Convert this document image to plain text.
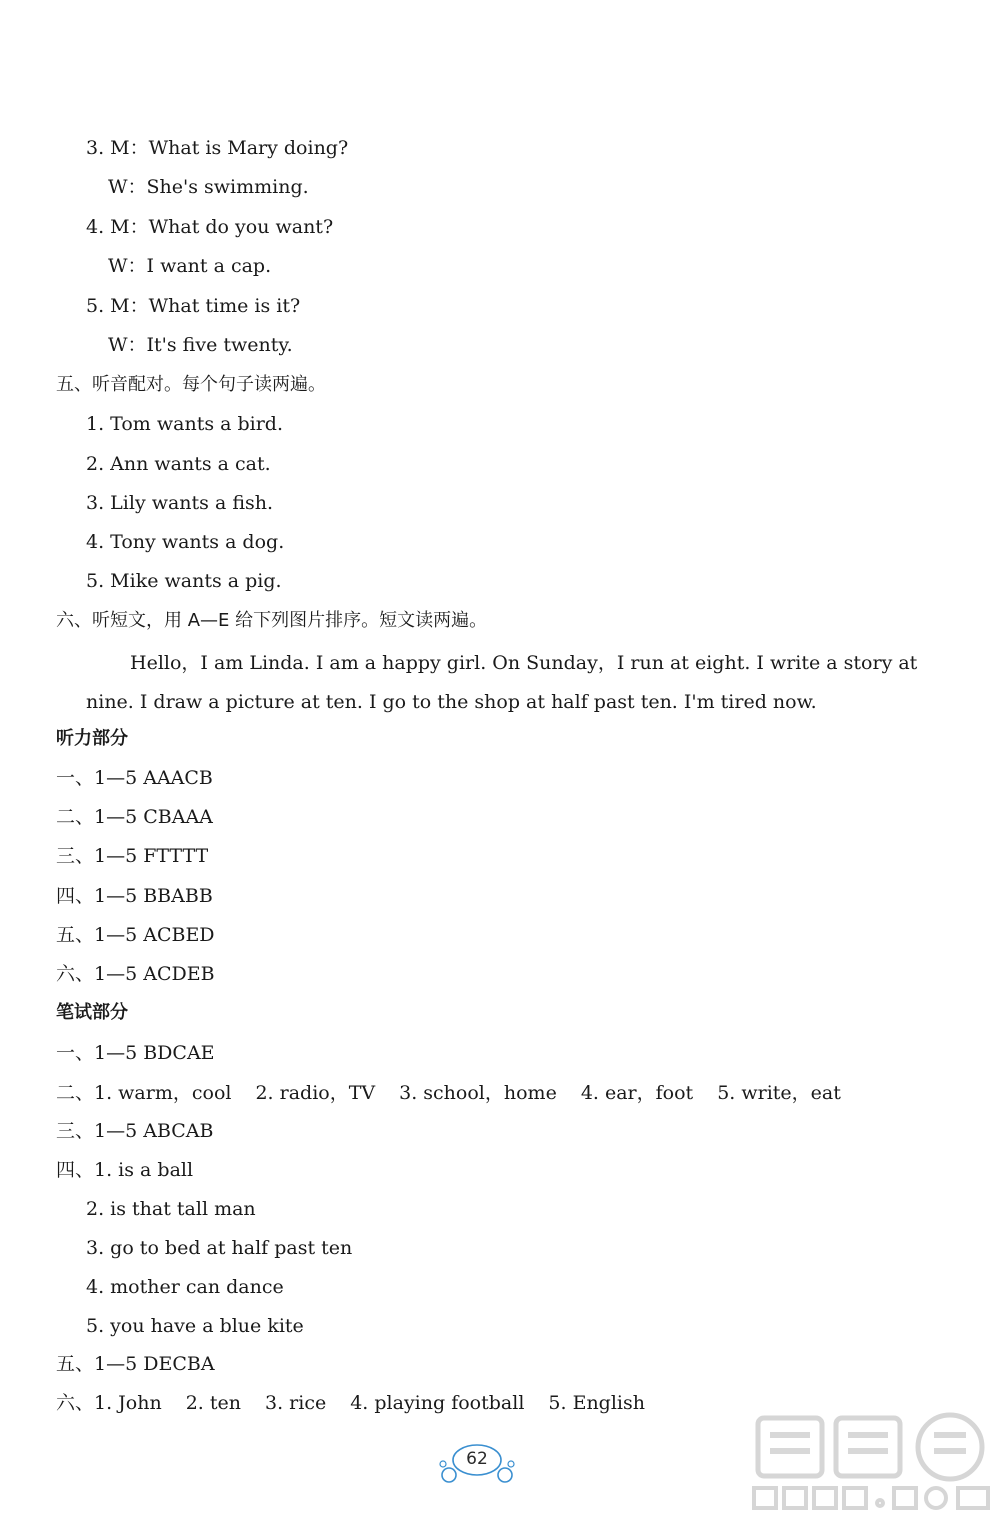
3. M：What is Mary doing?
W：She's swimming.
4. M：What do you want?
W：I want a cap.
5. M：What time is it?
W：It's five twenty.
五、听音配对。每个句子读两遍。
1. Tom wants a bird.
2. Ann wants a cat.
3. Lily wants a fish.
4. Tony wants a dog.
5. Mike wants a pig.
六、听短文，用 A—E 给下列图片排序。短文读两遍。
Hello，I am Linda. I am a happy girl. On Sunday，I run at eight. I write a story at
nine. I draw a picture at ten. I go to the shop at half past ten. I'm tired now.
听力部分
一、1—5 AAACB
二、1—5 CBAAA
三、1—5 FTTTT
四、1—5 BBABB
五、1—5 ACBED
六、1—5 ACDEB
笔试部分
一、1—5 BDCAE
二、1. warm，cool 2. radio，TV 3. school，home 4. ear，foot 5. write，eat
三、1—5 ABCAB
四、1. is a ball
2. is that tall man
3. go to bed at half past ten
4. mother can dance
5. you have a blue kite
五、1—5 DECBA
六、1. John 2. ten 3. rice 4. playing football 5. English
62
